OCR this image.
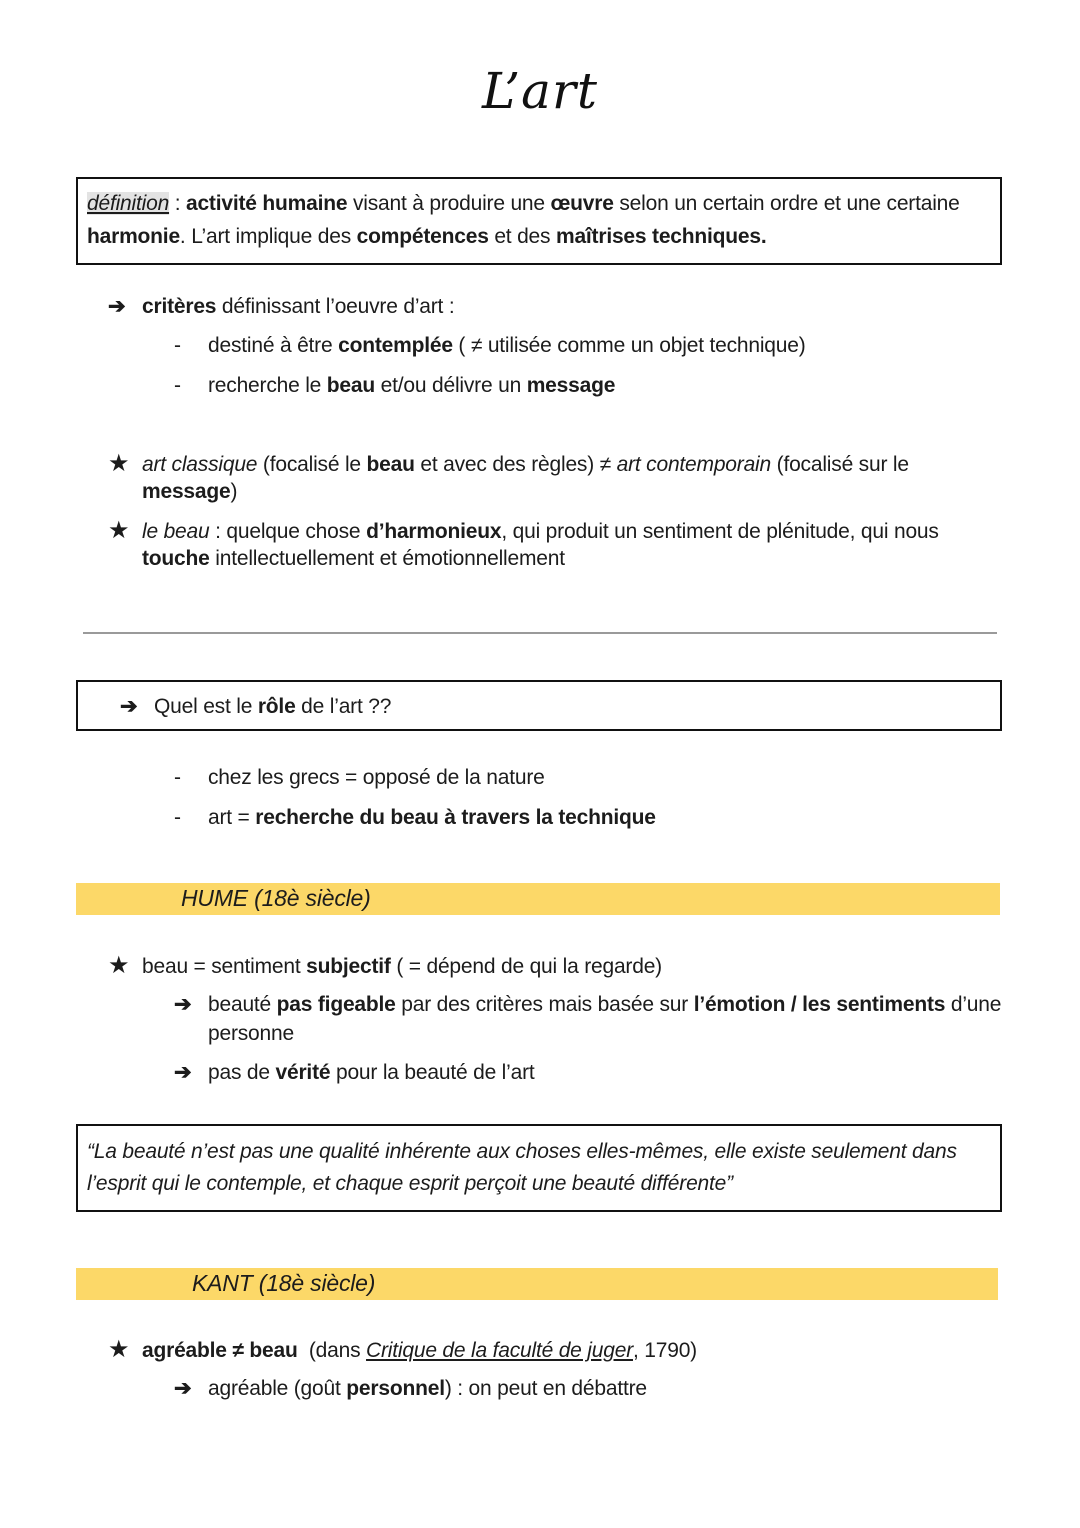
L’art
définition : activité humaine visant à produire une œuvre selon un certain ordre et une certaine
harmonie. L’art implique des compétences et des maîtrises techniques.
➔ critères définissant l’oeuvre d’art :
- destiné à être contemplée ( ≠ utilisée comme un objet technique)
- recherche le beau et/ou délivre un message
★ art classique (focalisé le beau et avec des règles) ≠ art contemporain (focalisé sur le
message)
★ le beau : quelque chose d’harmonieux, qui produit un sentiment de plénitude, qui nous
touche intellectuellement et émotionnellement
➔ Quel est le rôle de l’art ??
- chez les grecs = opposé de la nature
- art = recherche du beau à travers la technique
HUME (18è siècle)
★ beau = sentiment subjectif ( = dépend de qui la regarde)
➔ beauté pas figeable par des critères mais basée sur l’émotion / les sentiments d’une
personne
➔ pas de vérité pour la beauté de l’art
“La beauté n’est pas une qualité inhérente aux choses elles-mêmes, elle existe seulement dans
l’esprit qui le contemple, et chaque esprit perçoit une beauté différente”
KANT (18è siècle)
★ agréable ≠ beau  (dans Critique de la faculté de juger, 1790)
➔ agréable (goût personnel) : on peut en débattre
